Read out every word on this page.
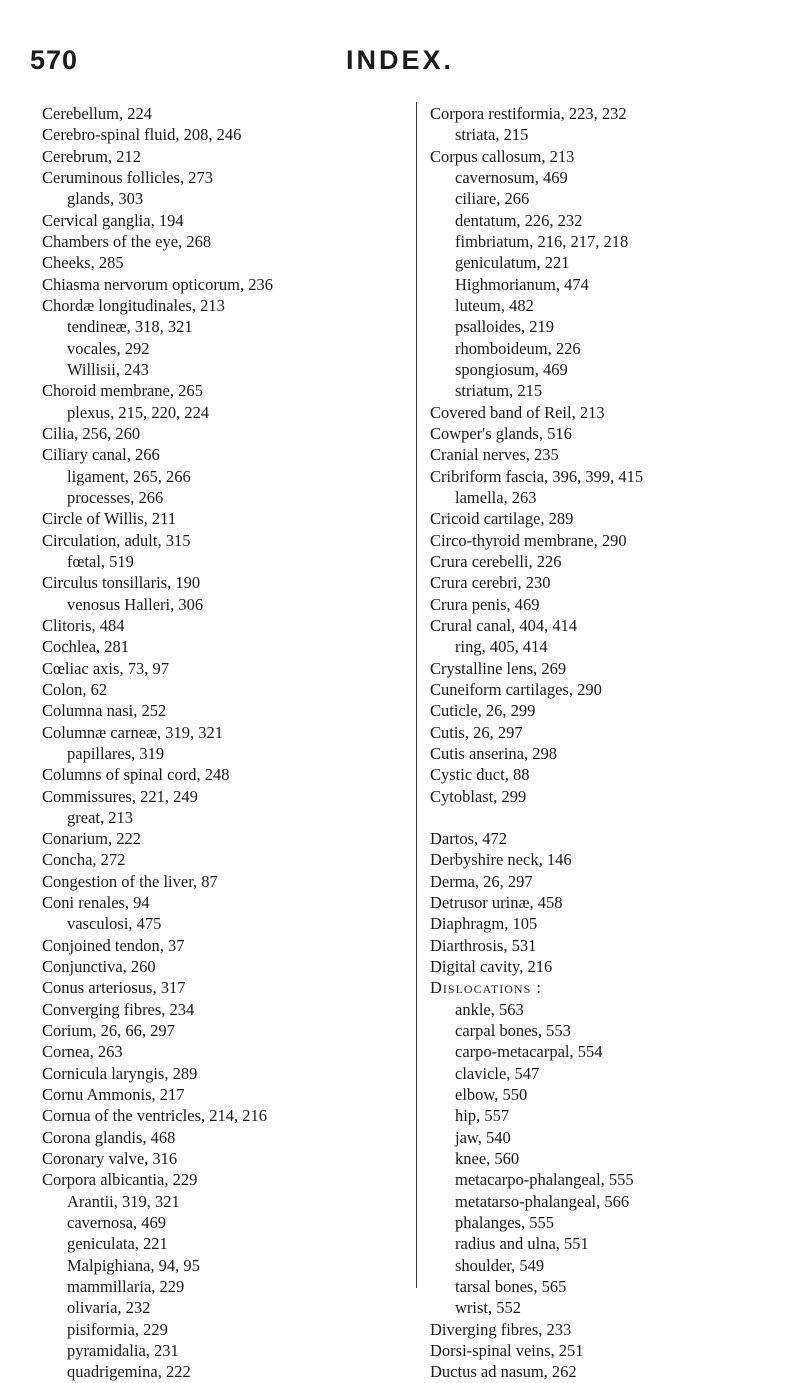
570	INDEX.
Cerebellum, 224
Cerebro-spinal fluid, 208, 246
Cerebrum, 212
Ceruminous follicles, 273
glands, 303
Cervical ganglia, 194
Chambers of the eye, 268
Cheeks, 285
Chiasma nervorum opticorum, 236
Chordæ longitudinales, 213
tendineæ, 318, 321
vocales, 292
Willisii, 243
Choroid membrane, 265
plexus, 215, 220, 224
Cilia, 256, 260
Ciliary canal, 266
ligament, 265, 266
processes, 266
Circle of Willis, 211
Circulation, adult, 315
fœtal, 519
Circulus tonsillaris, 190
venosus Halleri, 306
Clitoris, 484
Cochlea, 281
Cœliac axis, 73, 97
Colon, 62
Columna nasi, 252
Columnæ carneæ, 319, 321
papillares, 319
Columns of spinal cord, 248
Commissures, 221, 249
great, 213
Conarium, 222
Concha, 272
Congestion of the liver, 87
Coni renales, 94
vasculosi, 475
Conjoined tendon, 37
Conjunctiva, 260
Conus arteriosus, 317
Converging fibres, 234
Corium, 26, 66, 297
Cornea, 263
Cornicula laryngis, 289
Cornu Ammonis, 217
Cornua of the ventricles, 214, 216
Corona glandis, 468
Coronary valve, 316
Corpora albicantia, 229
Arantii, 319, 321
cavernosa, 469
geniculata, 221
Malpighiana, 94, 95
mammillaria, 229
olivaria, 232
pisiformia, 229
pyramidalia, 231
quadrigemina, 222
Corpora restiformia, 223, 232
striata, 215
Corpus callosum, 213
cavernosum, 469
ciliare, 266
dentatum, 226, 232
fimbriatum, 216, 217, 218
geniculatum, 221
Highmorianum, 474
luteum, 482
psalloides, 219
rhomboideum, 226
spongiosum, 469
striatum, 215
Covered band of Reil, 213
Cowper's glands, 516
Cranial nerves, 235
Cribriform fascia, 396, 399, 415
lamella, 263
Cricoid cartilage, 289
Circo-thyroid membrane, 290
Crura cerebelli, 226
Crura cerebri, 230
Crura penis, 469
Crural canal, 404, 414
ring, 405, 414
Crystalline lens, 269
Cuneiform cartilages, 290
Cuticle, 26, 299
Cutis, 26, 297
Cutis anserina, 298
Cystic duct, 88
Cytoblast, 299
Dartos, 472
Derbyshire neck, 146
Derma, 26, 297
Detrusor urinæ, 458
Diaphragm, 105
Diarthrosis, 531
Digital cavity, 216
Dislocations :
ankle, 563
carpal bones, 553
carpo-metacarpal, 554
clavicle, 547
elbow, 550
hip, 557
jaw, 540
knee, 560
metacarpo-phalangeal, 555
metatarso-phalangeal, 566
phalanges, 555
radius and ulna, 551
shoulder, 549
tarsal bones, 565
wrist, 552
Diverging fibres, 233
Dorsi-spinal veins, 251
Ductus ad nasum, 262
